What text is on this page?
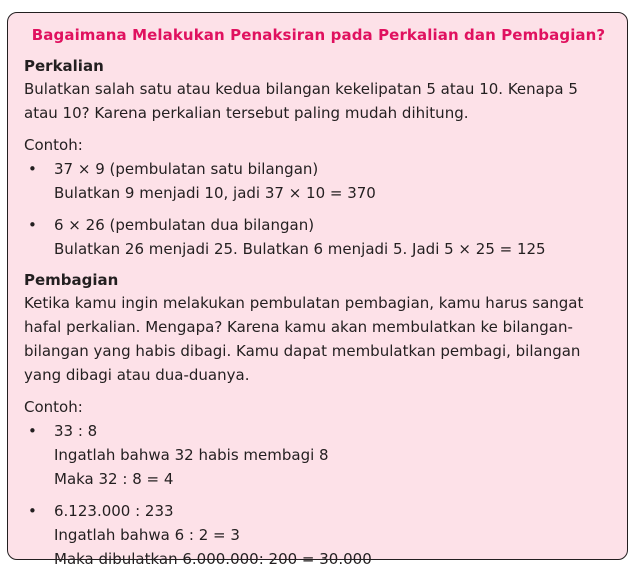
Bagaimana Melakukan Penaksiran pada Perkalian dan Pembagian?
Perkalian
Bulatkan salah satu atau kedua bilangan kekelipatan 5 atau 10. Kenapa 5
atau 10? Karena perkalian tersebut paling mudah dihitung.
Contoh:
• 37 × 9 (pembulatan satu bilangan)
Bulatkan 9 menjadi 10, jadi 37 × 10 = 370
• 6 × 26 (pembulatan dua bilangan)
Bulatkan 26 menjadi 25. Bulatkan 6 menjadi 5. Jadi 5 × 25 = 125
Pembagian
Ketika kamu ingin melakukan pembulatan pembagian, kamu harus sangat
hafal perkalian. Mengapa? Karena kamu akan membulatkan ke bilangan-
bilangan yang habis dibagi. Kamu dapat membulatkan pembagi, bilangan
yang dibagi atau dua-duanya.
Contoh:
• 33 : 8
Ingatlah bahwa 32 habis membagi 8
Maka 32 : 8 = 4
• 6.123.000 : 233
Ingatlah bahwa 6 : 2 = 3
Maka dibulatkan 6.000.000: 200 = 30.000
